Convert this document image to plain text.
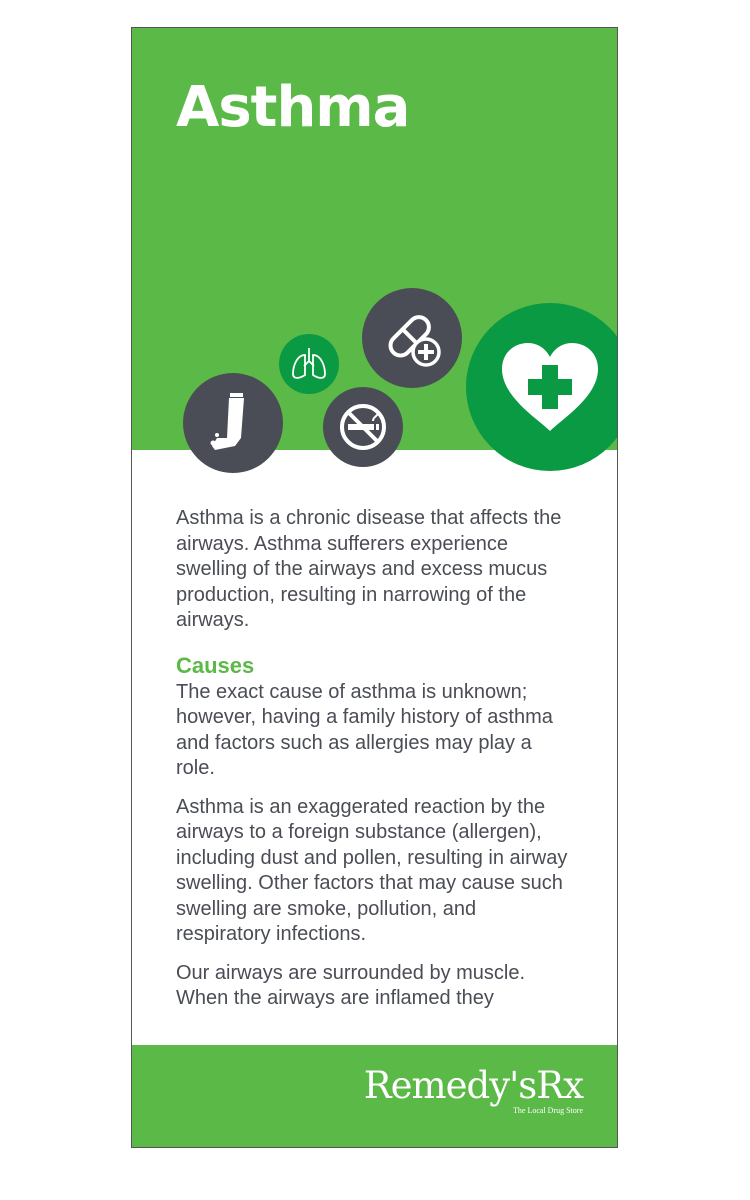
Asthma

Asthma is a chronic disease that affects the airways. Asthma sufferers experience swelling of the airways and excess mucus production, resulting in narrowing of the airways.

Causes

The exact cause of asthma is unknown; however, having a family history of asthma and factors such as allergies may play a role.

Asthma is an exaggerated reaction by the airways to a foreign substance (allergen), including dust and pollen, resulting in airway swelling. Other factors that may cause such swelling are smoke, pollution, and respiratory infections.

Our airways are surrounded by muscle. When the airways are inflamed they

Remedy'sRx
The Local Drug Store
